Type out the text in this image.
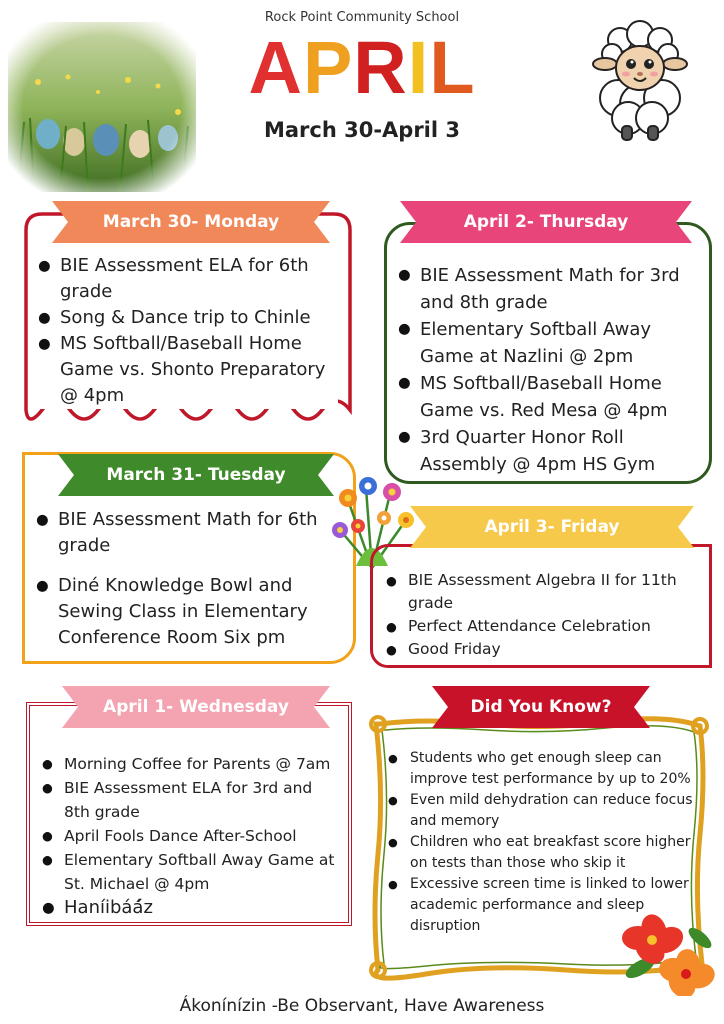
Rock Point Community School
APRIL
March 30-April 3
March 30- Monday
● BIE Assessment ELA for 6th grade
● Song & Dance trip to Chinle
● MS Softball/Baseball Home Game vs. Shonto Preparatory @ 4pm
April 2- Thursday
● BIE Assessment Math for 3rd and 8th grade
● Elementary Softball Away Game at Nazlini @ 2pm
● MS Softball/Baseball Home Game vs. Red Mesa @ 4pm
● 3rd Quarter Honor Roll Assembly @ 4pm HS Gym
March 31- Tuesday
● BIE Assessment Math for 6th grade
● Diné Knowledge Bowl and Sewing Class in Elementary Conference Room Six pm
April 3- Friday
● BIE Assessment Algebra II for 11th grade
● Perfect Attendance Celebration
● Good Friday
April 1- Wednesday
● Morning Coffee for Parents @ 7am
● BIE Assessment ELA for 3rd and 8th grade
● April Fools Dance After-School
● Elementary Softball Away Game at St. Michael @ 4pm
● Haníibáá́z
Did You Know?
● Students who get enough sleep can improve test performance by up to 20%
● Even mild dehydration can reduce focus and memory
● Children who eat breakfast score higher on tests than those who skip it
● Excessive screen time is linked to lower academic performance and sleep disruption
Ákonínízin -Be Observant, Have Awareness
